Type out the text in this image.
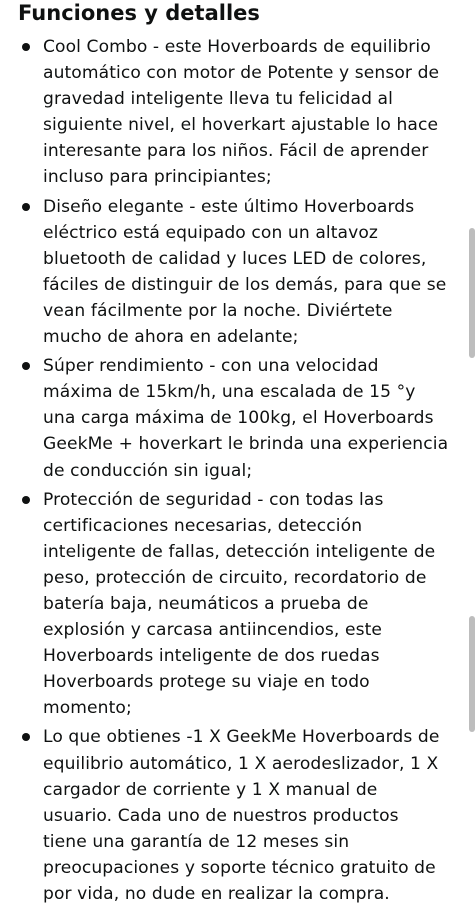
Funciones y detalles
Cool Combo - este Hoverboards de equilibrio
automático con motor de Potente y sensor de
gravedad inteligente lleva tu felicidad al
siguiente nivel, el hoverkart ajustable lo hace
interesante para los niños. Fácil de aprender
incluso para principiantes;
Diseño elegante - este último Hoverboards
eléctrico está equipado con un altavoz
bluetooth de calidad y luces LED de colores,
fáciles de distinguir de los demás, para que se
vean fácilmente por la noche. Diviértete
mucho de ahora en adelante;
Súper rendimiento - con una velocidad
máxima de 15km/h, una escalada de 15 °y
una carga máxima de 100kg, el Hoverboards
GeekMe + hoverkart le brinda una experiencia
de conducción sin igual;
Protección de seguridad - con todas las
certificaciones necesarias, detección
inteligente de fallas, detección inteligente de
peso, protección de circuito, recordatorio de
batería baja, neumáticos a prueba de
explosión y carcasa antiincendios, este
Hoverboards inteligente de dos ruedas
Hoverboards protege su viaje en todo
momento;
Lo que obtienes -1 X GeekMe Hoverboards de
equilibrio automático, 1 X aerodeslizador, 1 X
cargador de corriente y 1 X manual de
usuario. Cada uno de nuestros productos
tiene una garantía de 12 meses sin
preocupaciones y soporte técnico gratuito de
por vida, no dude en realizar la compra.
